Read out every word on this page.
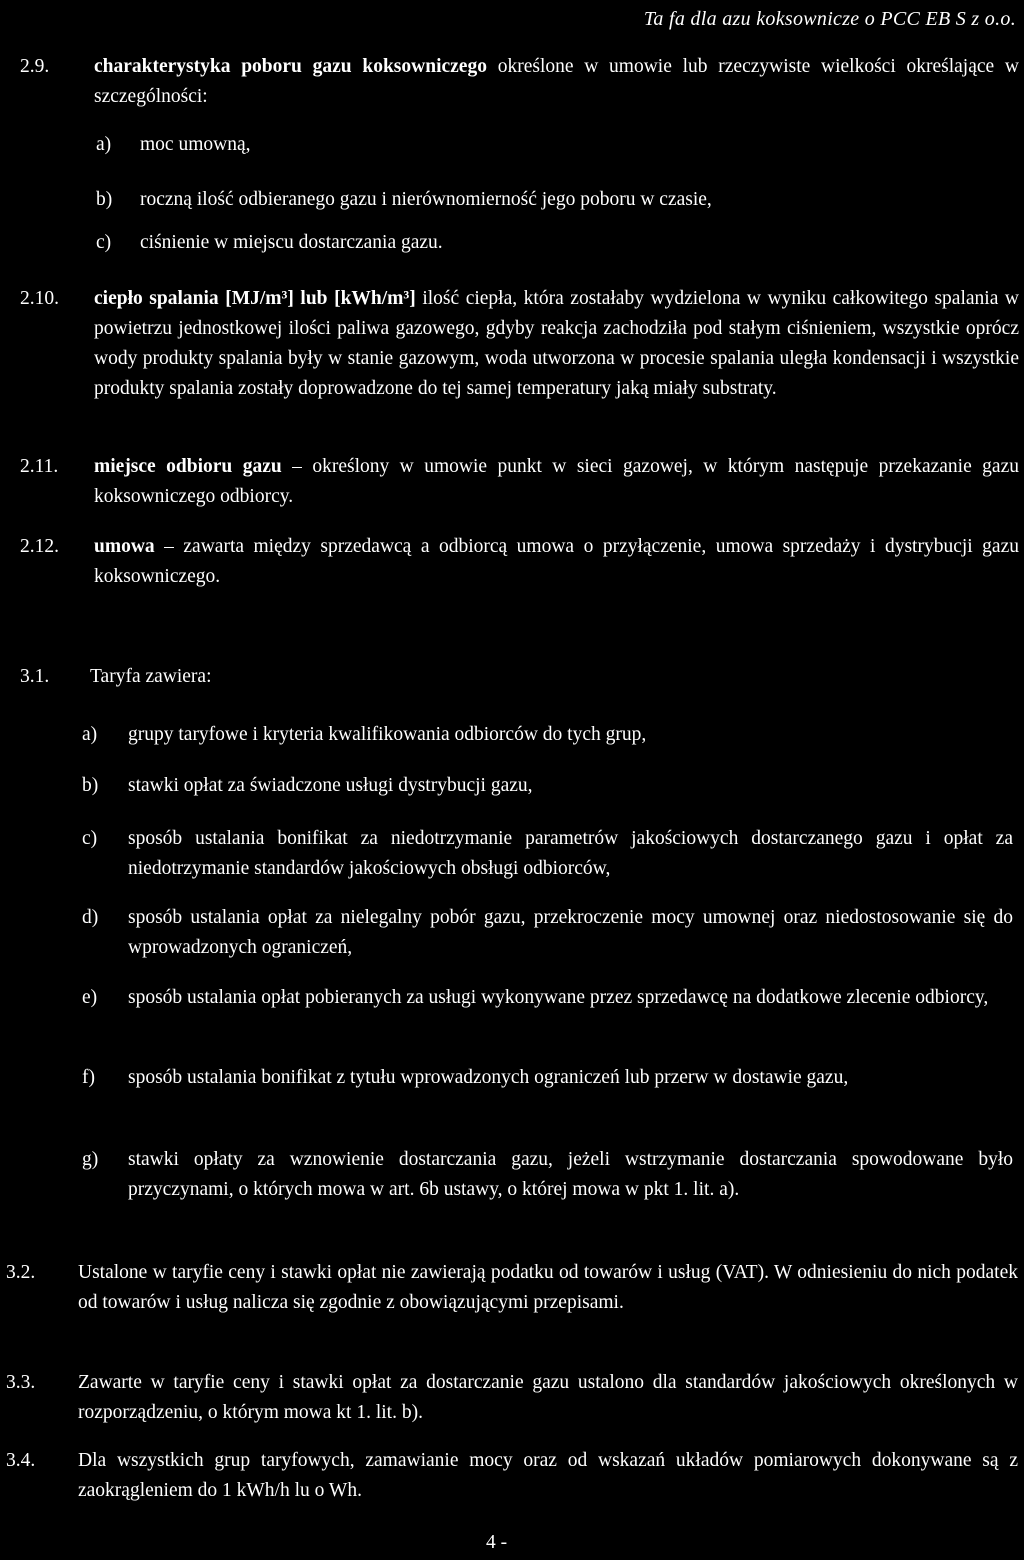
Ta fa dla azu koksownicze o PCC EB S z o.o.
2.9.	charakterystyka poboru gazu koksowniczego określone w umowie lub rzeczywiste wielkości określające w szczególności:
a)	moc umowną,
b)	roczną ilość odbieranego gazu i nierównomierność jego poboru w czasie,
c)	ciśnienie w miejscu dostarczania gazu.
2.10.	ciepło spalania [MJ/m³] lub [kWh/m³] ilość ciepła, która zostałaby wydzielona w wyniku całkowitego spalania w powietrzu jednostkowej ilości paliwa gazowego, gdyby reakcja zachodziła pod stałym ciśnieniem, wszystkie oprócz wody produkty spalania były w stanie gazowym, woda utworzona w procesie spalania uległa kondensacji i wszystkie produkty spalania zostały doprowadzone do tej samej temperatury jaką miały substraty.
2.11.	miejsce odbioru gazu – określony w umowie punkt w sieci gazowej, w którym następuje przekazanie gazu koksowniczego odbiorcy.
2.12.	umowa – zawarta między sprzedawcą a odbiorcą umowa o przyłączenie, umowa sprzedaży i dystrybucji gazu koksowniczego.
3.1.	Taryfa zawiera:
a)	grupy taryfowe i kryteria kwalifikowania odbiorców do tych grup,
b)	stawki opłat za świadczone usługi dystrybucji gazu,
c)	sposób ustalania bonifikat za niedotrzymanie parametrów jakościowych dostarczanego gazu i opłat za niedotrzymanie standardów jakościowych obsługi odbiorców,
d)	sposób ustalania opłat za nielegalny pobór gazu, przekroczenie mocy umownej oraz niedostosowanie się do wprowadzonych ograniczeń,
e)	sposób ustalania opłat pobieranych za usługi wykonywane przez sprzedawcę na dodatkowe zlecenie odbiorcy,
f)	sposób ustalania bonifikat z tytułu wprowadzonych ograniczeń lub przerw w dostawie gazu,
g)	stawki opłaty za wznowienie dostarczania gazu, jeżeli wstrzymanie dostarczania spowodowane było przyczynami, o których mowa w art. 6b ustawy, o której mowa w pkt 1. lit. a).
3.2.	Ustalone w taryfie ceny i stawki opłat nie zawierają podatku od towarów i usług (VAT). W odniesieniu do nich podatek od towarów i usług nalicza się zgodnie z obowiązującymi przepisami.
3.3.	Zawarte w taryfie ceny i stawki opłat za dostarczanie gazu ustalono dla standardów jakościowych określonych w rozporządzeniu, o którym mowa kt 1. lit. b).
3.4.	Dla wszystkich grup taryfowych, zamawianie mocy oraz od wskazań układów pomiarowych dokonywane są z zaokrągleniem do 1 kWh/h lu o Wh.
4 -
